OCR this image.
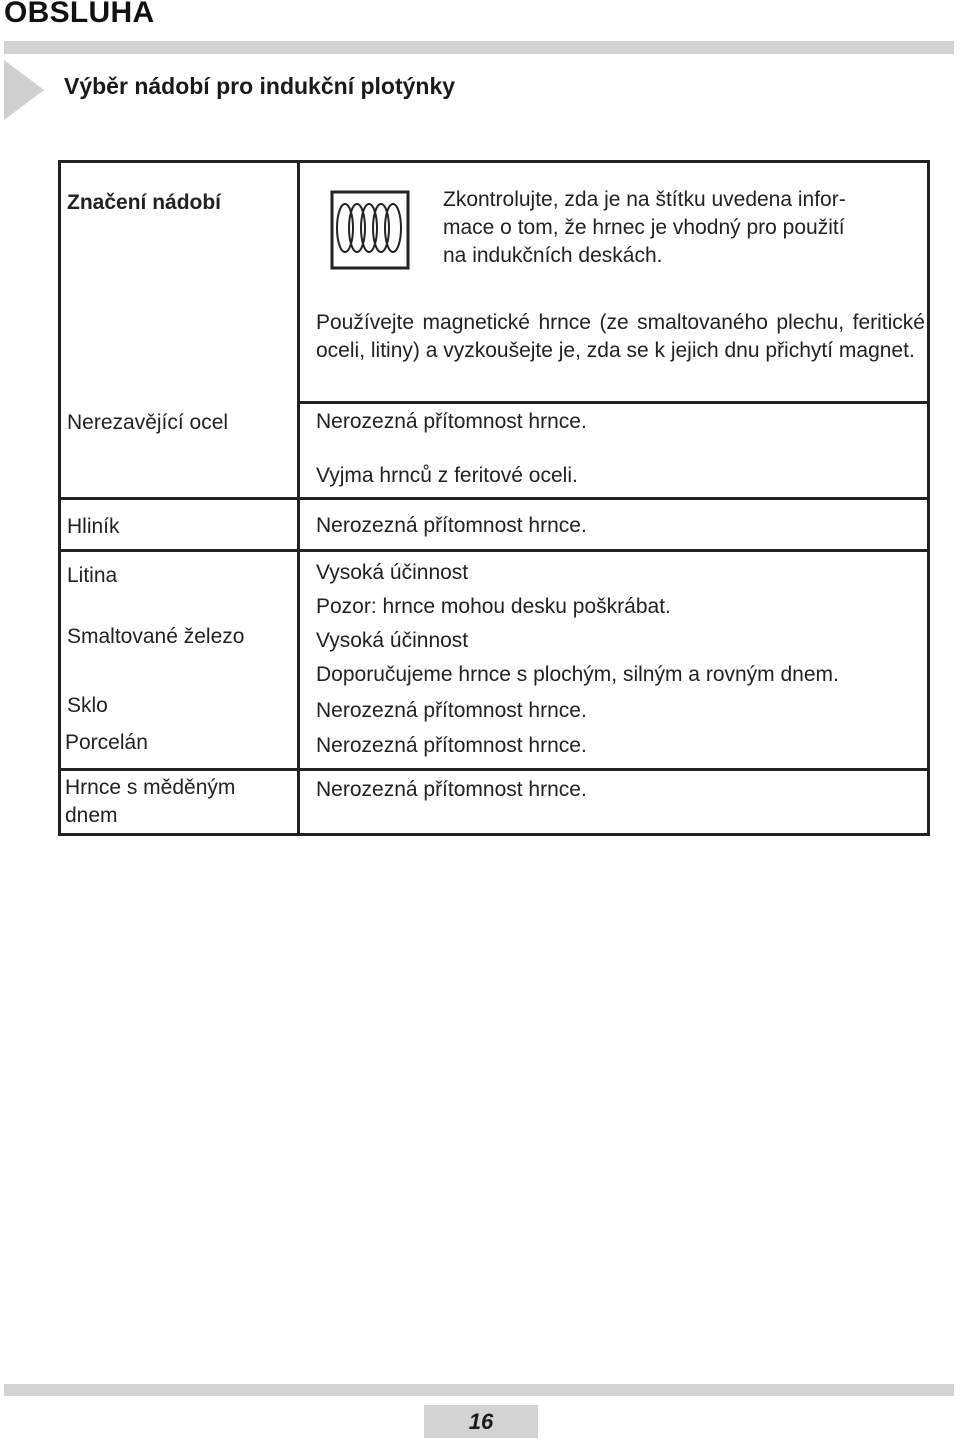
OBSLUHA
Výběr nádobí pro indukční plotýnky
Značení nádobí
Nerezavějící ocel
Hliník
Litina
Smaltované železo
Sklo
Porcelán
Hrnce s měděným dnem
Zkontrolujte, zda je na štítku uvedena infor-
mace o tom, že hrnec je vhodný pro použití
na indukčních deskách.
Používejte magnetické hrnce (ze smaltovaného plechu, feritické oceli, litiny) a vyzkoušejte je, zda se k jejich dnu přichytí magnet.
Nerozezná přítomnost hrnce.
Vyjma hrnců z feritové oceli.
Nerozezná přítomnost hrnce.
Vysoká účinnost
Pozor: hrnce mohou desku poškrábat.
Vysoká účinnost
Doporučujeme hrnce s plochým, silným a rovným dnem.
Nerozezná přítomnost hrnce.
Nerozezná přítomnost hrnce.
Nerozezná přítomnost hrnce.
16
